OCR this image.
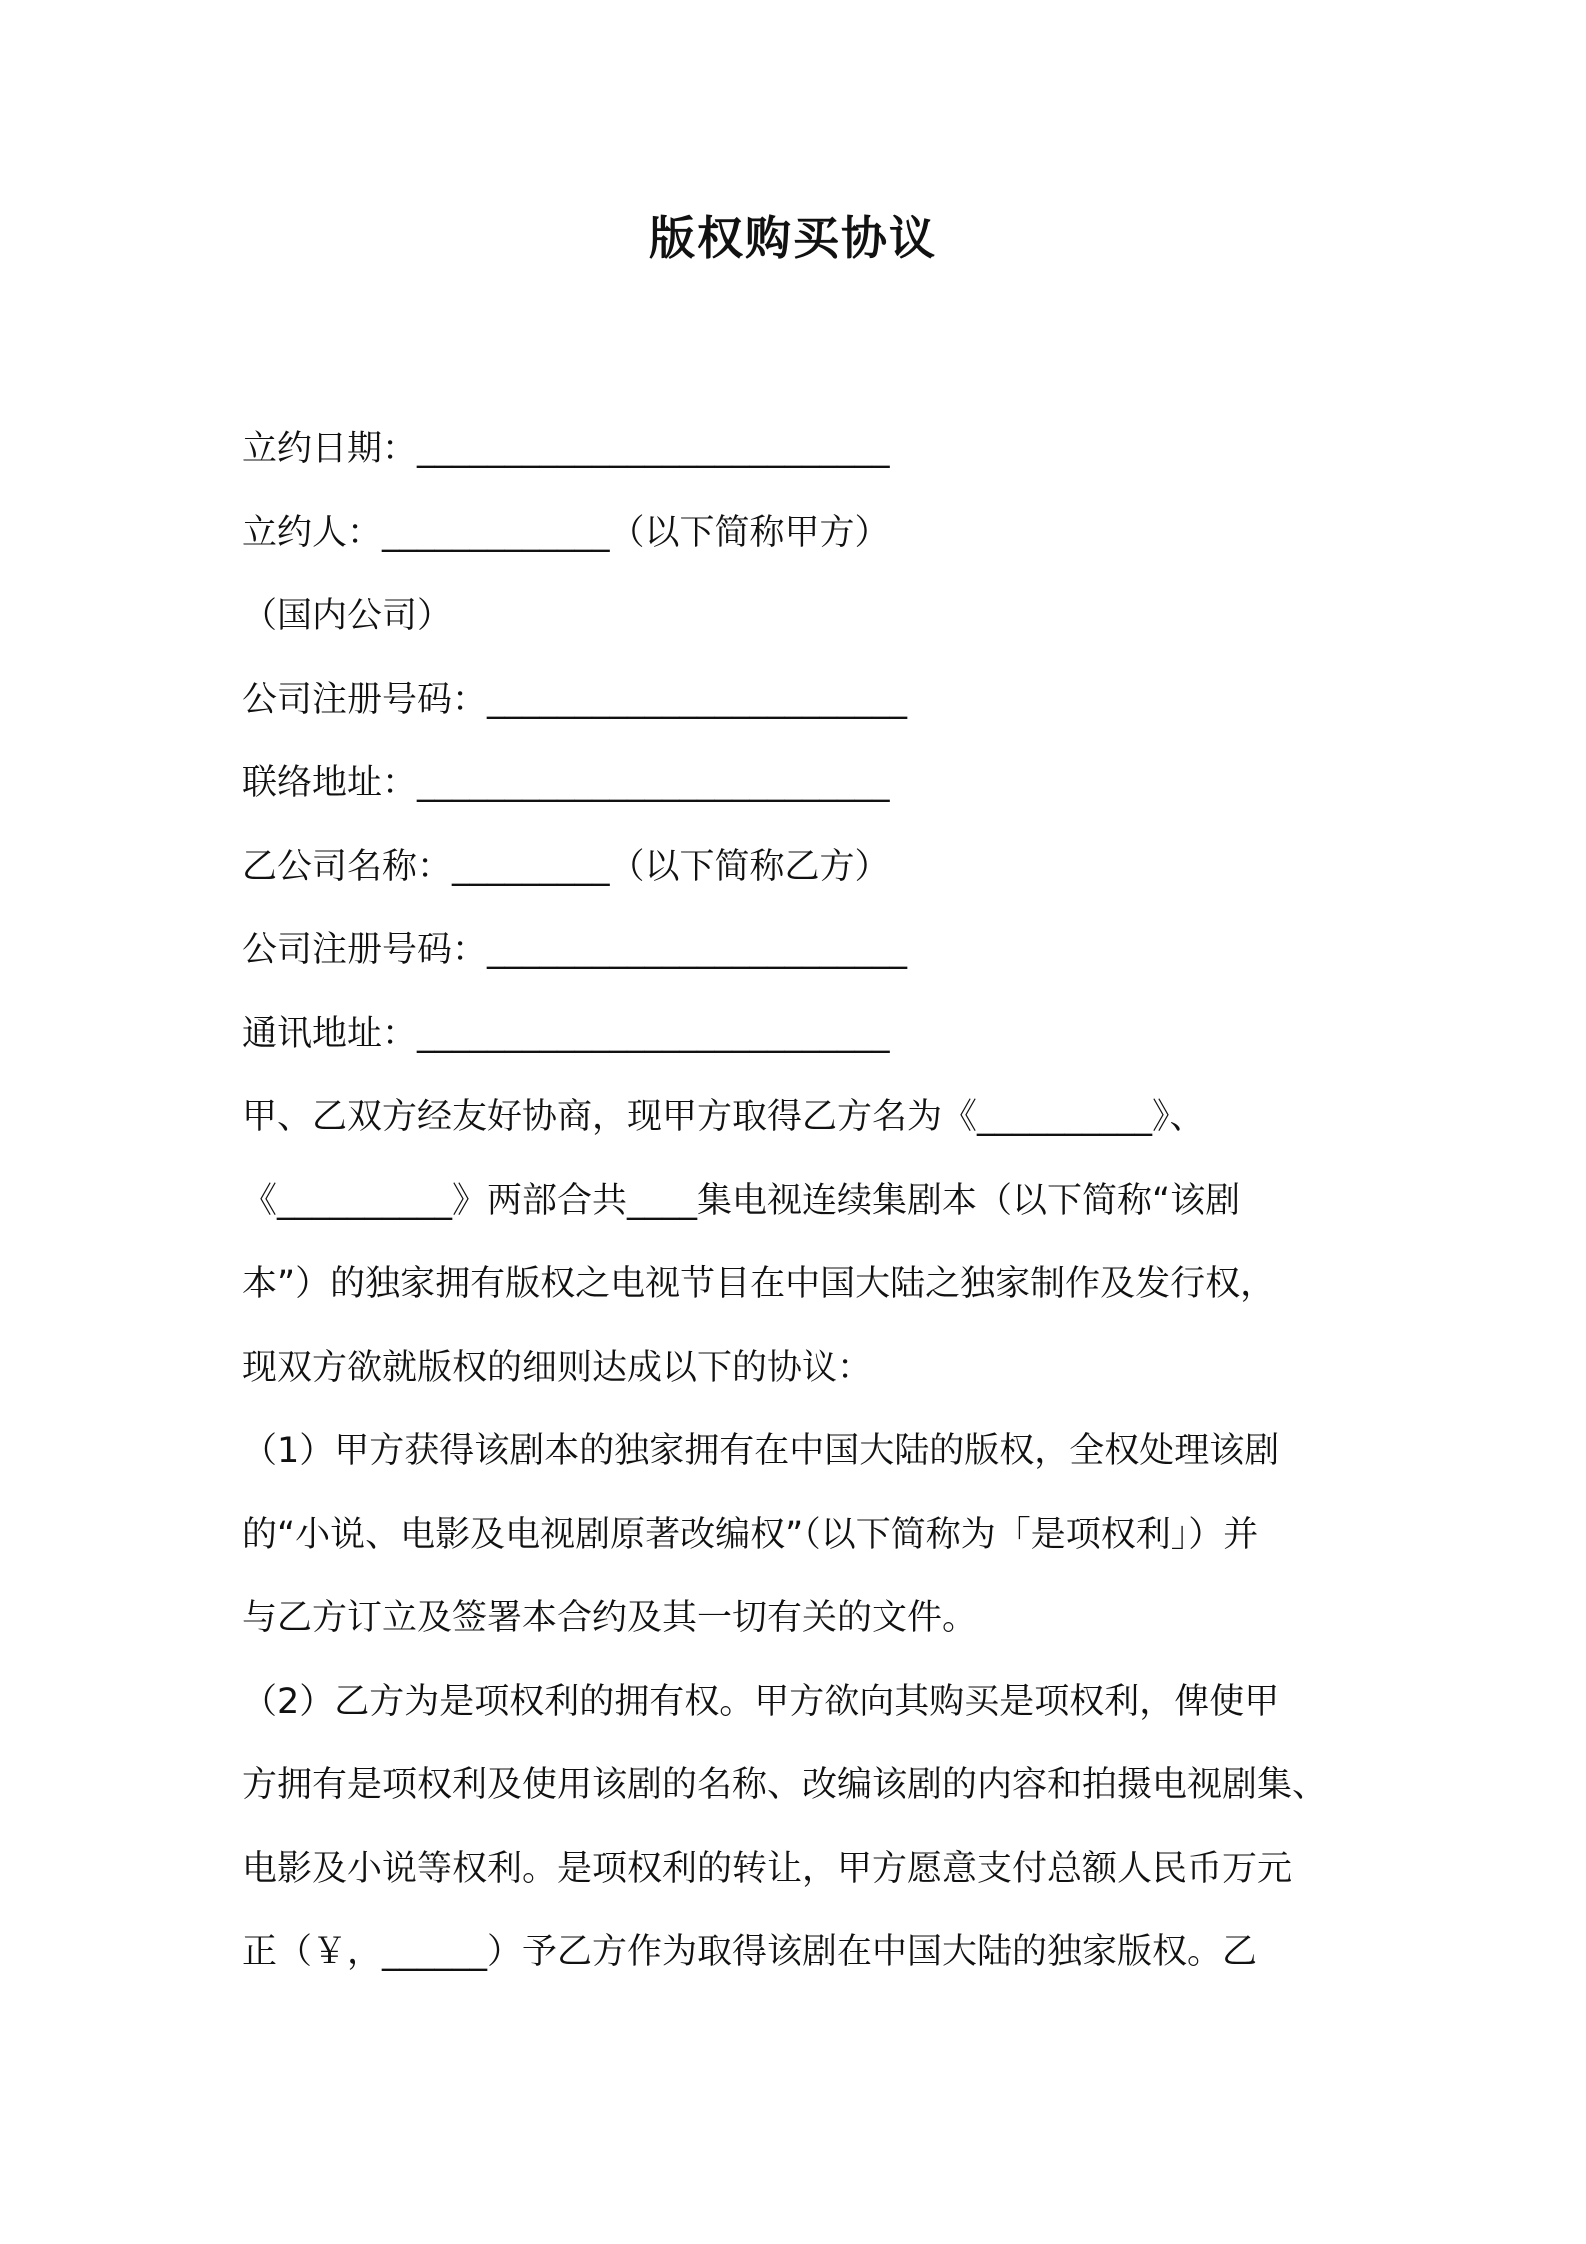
版权购买协议
立约日期：___________________________
立约人：_____________（以下简称甲方）
（国内公司）
公司注册号码：________________________
联络地址：___________________________
乙公司名称：_________（以下简称乙方）
公司注册号码：________________________
通讯地址：___________________________
甲、乙双方经友好协商，现甲方取得乙方名为《__________》、
《__________》两部合共____集电视连续集剧本（以下简称“该剧
本”）的独家拥有版权之电视节目在中国大陆之独家制作及发行权，
现双方欲就版权的细则达成以下的协议：
（1）甲方获得该剧本的独家拥有在中国大陆的版权，全权处理该剧
的“小说、电影及电视剧原著改编权”（以下简称为「是项权利」）并
与乙方订立及签署本合约及其一切有关的文件。
（2）乙方为是项权利的拥有权。甲方欲向其购买是项权利，俾使甲
方拥有是项权利及使用该剧的名称、改编该剧的内容和拍摄电视剧集、
电影及小说等权利。是项权利的转让，甲方愿意支付总额人民币万元
正（￥，______）予乙方作为取得该剧在中国大陆的独家版权。乙
